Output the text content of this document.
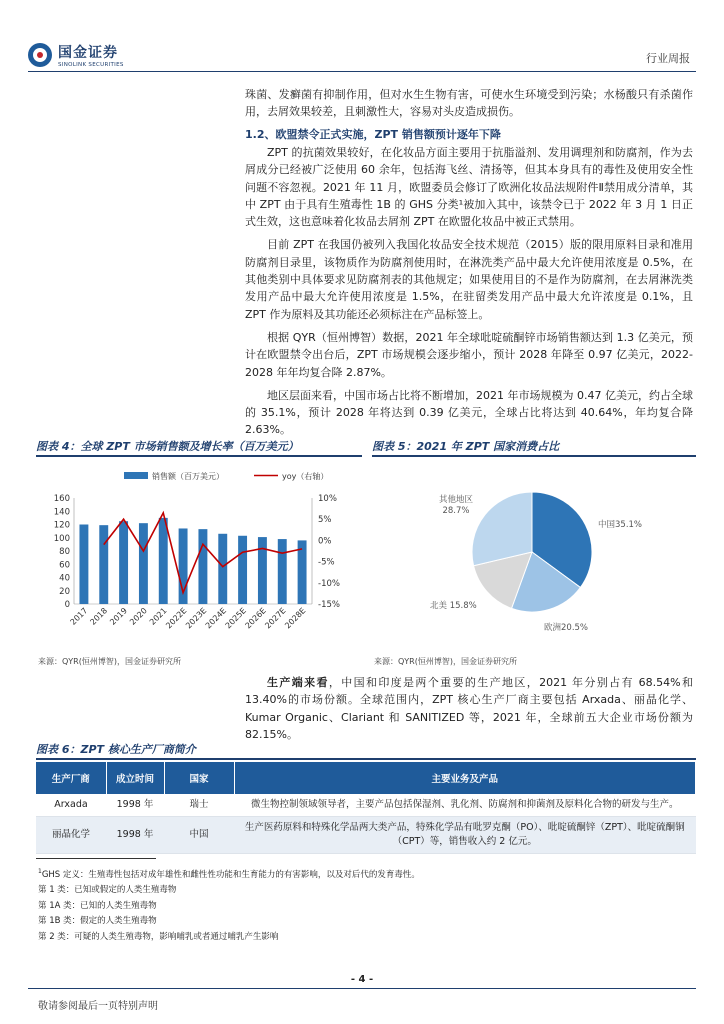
国金证券
SINOLINK SECURITIES	行业周报

珠菌、发癣菌有抑制作用，但对水生生物有害，可使水生环境受到污染；水杨酸只有杀菌作用，去屑效果较差，且刺激性大，容易对头皮造成损伤。

1.2、欧盟禁令正式实施，ZPT 销售额预计逐年下降

ZPT 的抗菌效果较好，在化妆品方面主要用于抗脂溢剂、发用调理剂和防腐剂，作为去屑成分已经被广泛使用 60 余年，包括海飞丝、清扬等，但其本身具有的毒性及使用安全性问题不容忽视。2021 年 11 月，欧盟委员会修订了欧洲化妆品法规附件Ⅱ禁用成分清单，其中 ZPT 由于具有生殖毒性 1B 的 GHS 分类¹被加入其中，该禁令已于 2022 年 3 月 1 日正式生效，这也意味着化妆品去屑剂 ZPT 在欧盟化妆品中被正式禁用。

目前 ZPT 在我国仍被列入我国化妆品安全技术规范（2015）版的限用原料目录和准用防腐剂目录里，该物质作为防腐剂使用时，在淋洗类产品中最大允许使用浓度是 0.5%，在其他类别中具体要求见防腐剂表的其他规定；如果使用目的不是作为防腐剂，在去屑淋洗类发用产品中最大允许使用浓度是 1.5%，在驻留类发用产品中最大允许浓度是 0.1%，且 ZPT 作为原料及其功能还必须标注在产品标签上。

根据 QYR（恒州博智）数据，2021 年全球吡啶硫酮锌市场销售额达到 1.3 亿美元，预计在欧盟禁令出台后，ZPT 市场规模会逐步缩小，预计 2028 年降至 0.97 亿美元，2022-2028 年年均复合降 2.87%。

地区层面来看，中国市场占比将不断增加，2021 年市场规模为 0.47 亿美元，约占全球的 35.1%，预计 2028 年将达到 0.39 亿美元，全球占比将达到 40.64%，年均复合降 2.63%。

图表 4：全球 ZPT 市场销售额及增长率（百万美元）
销售额（百万美元）	yoy（右轴）
0
20
40
60
80
100
120
140
160
-15%
-10%
-5%
0%
5%
10%
2017 2018 2019 2020 2021
2022E
2023E
2024E
2025E
2026E
2027E
2028E
来源：QYR(恒州博智)，国金证券研究所
图表 5：2021 年 ZPT 国家消费占比
中国35.1%
欧洲20.5%
北美 15.8%
其他地区 28.7%
来源：QYR(恒州博智)，国金证券研究所

生产端来看，中国和印度是两个重要的生产地区，2021 年分别占有 68.54%和 13.40%的市场份额。全球范围内，ZPT 核心生产厂商主要包括 Arxada、丽晶化学、Kumar Organic、Clariant 和 SANITIZED 等，2021 年，全球前五大企业市场份额为 82.15%。

图表 6：ZPT 核心生产厂商简介
生产厂商	成立时间	国家	主要业务及产品
Arxada	1998 年	瑞士	微生物控制领域领导者，主要产品包括保湿剂、乳化剂、防腐剂和抑菌剂及原料化合物的研发与生产。
丽晶化学	1998 年	中国	生产医药原料和特殊化学品两大类产品，特殊化学品有吡罗克酮（PO）、吡啶硫酮锌（ZPT）、吡啶硫酮铜（CPT）等，销售收入约 2 亿元。
$^1$GHS 定义：生殖毒性包括对成年雄性和雌性性功能和生育能力的有害影响，以及对后代的发育毒性。
第 1 类：已知或假定的人类生殖毒物
第 1A 类：已知的人类生殖毒物
第 1B 类：假定的人类生殖毒物
第 2 类：可疑的人类生殖毒物，影响哺乳或者通过哺乳产生影响
- 4 -
敬请参阅最后一页特别声明
